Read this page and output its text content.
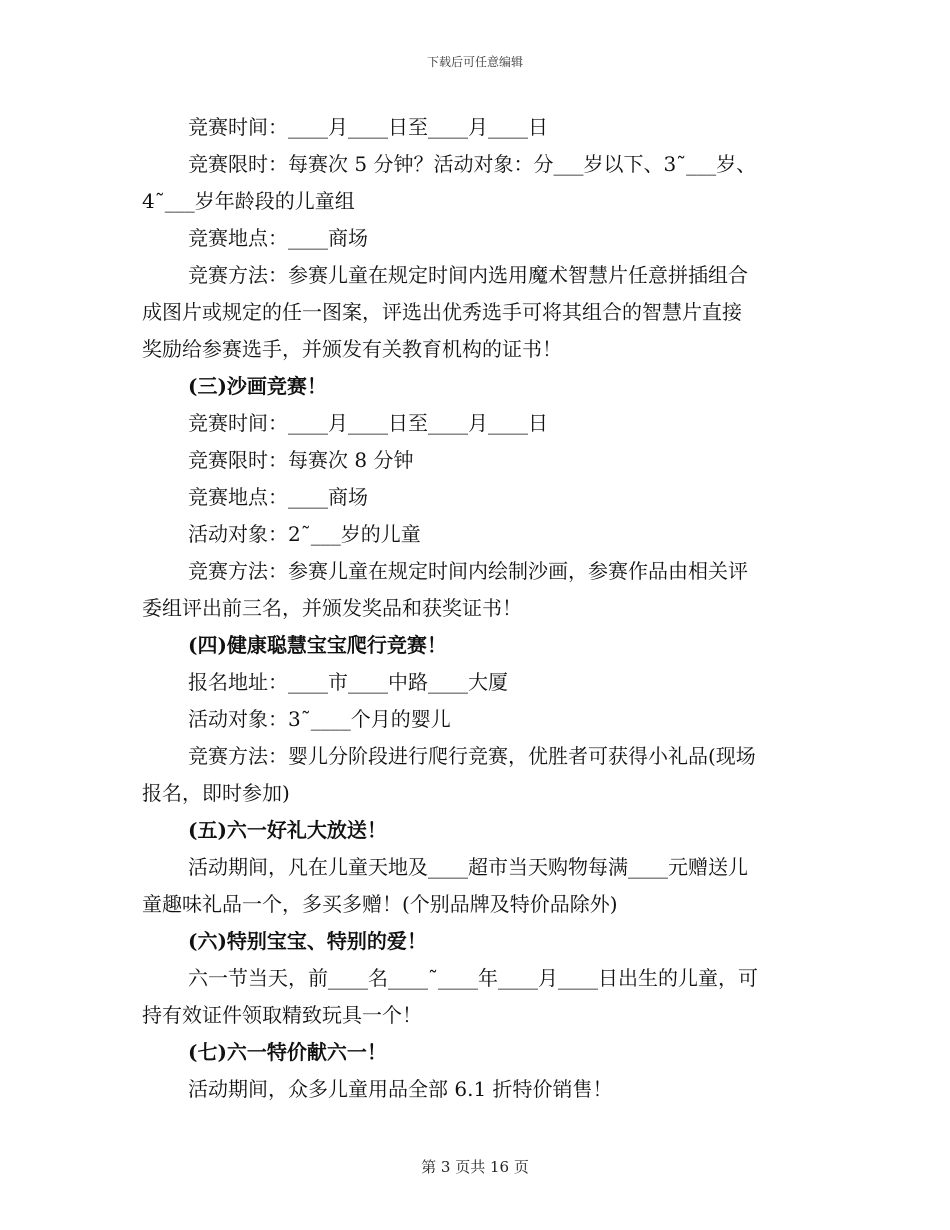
下载后可任意编辑
竞赛时间：____月____日至____月____日
竞赛限时：每赛次 5 分钟？活动对象：分___岁以下、3˜___岁、
4˜___岁年龄段的儿童组
竞赛地点：____商场
竞赛方法：参赛儿童在规定时间内选用魔术智慧片任意拼插组合
成图片或规定的任一图案，评选出优秀选手可将其组合的智慧片直接
奖励给参赛选手，并颁发有关教育机构的证书！
(三)沙画竞赛！
竞赛时间：____月____日至____月____日
竞赛限时：每赛次 8 分钟
竞赛地点：____商场
活动对象：2˜___岁的儿童
竞赛方法：参赛儿童在规定时间内绘制沙画，参赛作品由相关评
委组评出前三名，并颁发奖品和获奖证书！
(四)健康聪慧宝宝爬行竞赛！
报名地址：____市____中路____大厦
活动对象：3˜____个月的婴儿
竞赛方法：婴儿分阶段进行爬行竞赛，优胜者可获得小礼品(现场
报名，即时参加)
(五)六一好礼大放送！
活动期间，凡在儿童天地及____超市当天购物每满____元赠送儿
童趣味礼品一个，多买多赠！(个别品牌及特价品除外)
(六)特别宝宝、特别的爱！
六一节当天，前____名____˜____年____月____日出生的儿童，可
持有效证件领取精致玩具一个！
(七)六一特价献六一！
活动期间，众多儿童用品全部 6.1 折特价销售！
第 3 页共 16 页
